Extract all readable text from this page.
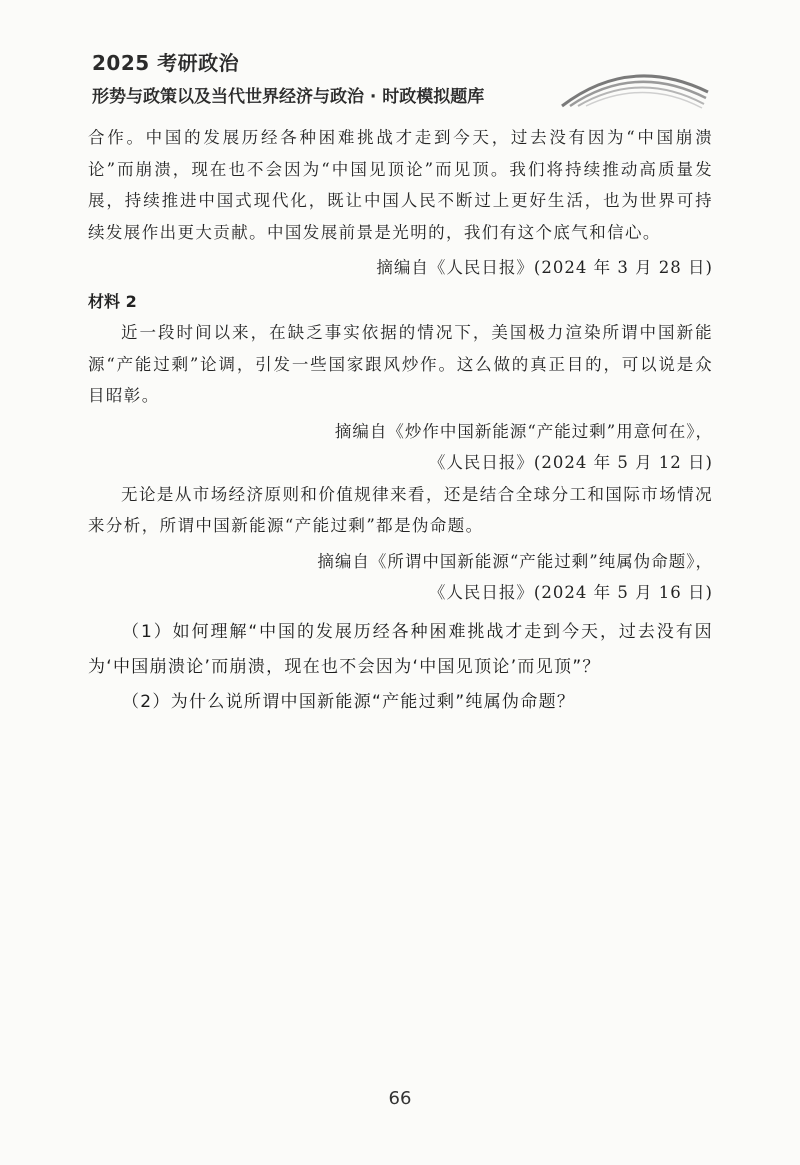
2025 考研政治
形势与政策以及当代世界经济与政治 · 时政模拟题库

合作。中国的发展历经各种困难挑战才走到今天，过去没有因为“中国崩溃论”而崩溃，现在也不会因为“中国见顶论”而见顶。我们将持续推动高质量发展，持续推进中国式现代化，既让中国人民不断过上更好生活，也为世界可持续发展作出更大贡献。中国发展前景是光明的，我们有这个底气和信心。

摘编自《人民日报》(2024 年 3 月 28 日)

材料 2

近一段时间以来，在缺乏事实依据的情况下，美国极力渲染所谓中国新能源“产能过剩”论调，引发一些国家跟风炒作。这么做的真正目的，可以说是众目昭彰。

摘编自《炒作中国新能源“产能过剩”用意何在》，

《人民日报》(2024 年 5 月 12 日)

无论是从市场经济原则和价值规律来看，还是结合全球分工和国际市场情况来分析，所谓中国新能源“产能过剩”都是伪命题。

摘编自《所谓中国新能源“产能过剩”纯属伪命题》，

《人民日报》(2024 年 5 月 16 日)

（1）如何理解“中国的发展历经各种困难挑战才走到今天，过去没有因为‘中国崩溃论’而崩溃，现在也不会因为‘中国见顶论’而见顶”？

（2）为什么说所谓中国新能源“产能过剩”纯属伪命题？

66
